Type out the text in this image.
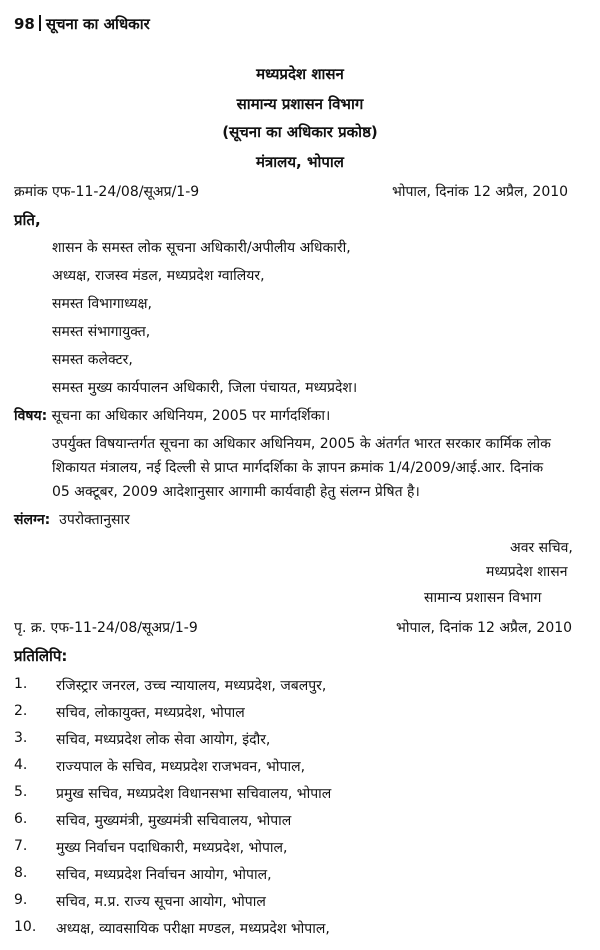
98 सूचना का अधिकार
मध्यप्रदेश शासन
सामान्य प्रशासन विभाग
(सूचना का अधिकार प्रकोष्ठ)
मंत्रालय, भोपाल
क्रमांक एफ-11-24/08/सूअप्र/1-9	भोपाल, दिनांक 12 अप्रैल, 2010
प्रति,
शासन के समस्त लोक सूचना अधिकारी/अपीलीय अधिकारी,
अध्यक्ष, राजस्व मंडल, मध्यप्रदेश ग्वालियर,
समस्त विभागाध्यक्ष,
समस्त संभागायुक्त,
समस्त कलेक्टर,
समस्त मुख्य कार्यपालन अधिकारी, जिला पंचायत, मध्यप्रदेश।
विषय: सूचना का अधिकार अधिनियम, 2005 पर मार्गदर्शिका।
उपर्युक्त विषयान्तर्गत सूचना का अधिकार अधिनियम, 2005 के अंतर्गत भारत सरकार कार्मिक लोक
शिकायत मंत्रालय, नई दिल्ली से प्राप्त मार्गदर्शिका के ज्ञापन क्रमांक 1/4/2009/आई.आर. दिनांक
05 अक्टूबर, 2009 आदेशानुसार आगामी कार्यवाही हेतु संलग्न प्रेषित है।
संलग्न: उपरोक्तानुसार
अवर सचिव,
मध्यप्रदेश शासन
सामान्य प्रशासन विभाग
पृ. क्र. एफ-11-24/08/सूअप्र/1-9	भोपाल, दिनांक 12 अप्रैल, 2010
प्रतिलिपि:
1.	रजिस्ट्रार जनरल, उच्च न्यायालय, मध्यप्रदेश, जबलपुर,
2.	सचिव, लोकायुक्त, मध्यप्रदेश, भोपाल
3.	सचिव, मध्यप्रदेश लोक सेवा आयोग, इंदौर,
4.	राज्यपाल के सचिव, मध्यप्रदेश राजभवन, भोपाल,
5.	प्रमुख सचिव, मध्यप्रदेश विधानसभा सचिवालय, भोपाल
6.	सचिव, मुख्यमंत्री, मुख्यमंत्री सचिवालय, भोपाल
7.	मुख्य निर्वाचन पदाधिकारी, मध्यप्रदेश, भोपाल,
8.	सचिव, मध्यप्रदेश निर्वाचन आयोग, भोपाल,
9.	सचिव, म.प्र. राज्य सूचना आयोग, भोपाल
10.	अध्यक्ष, व्यावसायिक परीक्षा मण्डल, मध्यप्रदेश भोपाल,
